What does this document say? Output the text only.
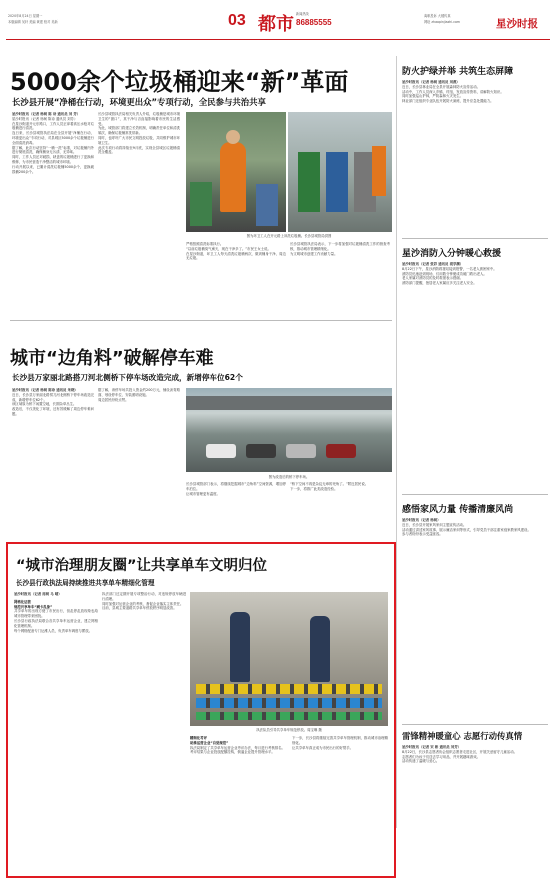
2020年8月24日 星期一
本版编辑 吴轩 美编 黄建 校对 吴新	03 都市 新闻热线
86885555
离职投诉 大楼传真
网址 zhaopinjiazhi.com	星沙时报
5000余个垃圾桶迎来“新”革面
长沙县开展“净桶在行动，环境更出众”专项行动，全民参与共治共享
星沙时报讯（记者 杨柯 陈 诗 通讯员 刘 芳）
星沙时报讯（记者 杨柯 陈诗 通讯员 刘芳）
在星沙街道开元东路口，工作人员正拿着高压水枪对垃圾桶进行清洗。
连日来，长沙县城管执法局在全县开展“净桶在行动，环境更出众”专项行动，对县城区5000余个垃圾桶进行全面清洗消毒。
据了解，此次行动坚持“一桶一洗”标准，对垃圾桶内外进行彻底清洗，确保桶身无污渍、无异味。
同时，工作人员还对破损、缺盖的垃圾桶进行了更换和维修，为市民营造干净整洁的城市环境。
行动开展以来，已累计清洗垃圾桶5000余个，更换破损桶200余个。
长沙县城管执法局相关负责人介绍，垃圾桶是城市环境卫生的“窗口”，其干净与否直接影响着市民的生活感受。
为此，城管部门将建立长效机制，明确责任单位和清洗频次，确保垃圾桶常洗常新。
同时，也呼吁广大市民文明投放垃圾，共同维护城市环境卫生。
此次专项行动将持续至9月底，实现全县城区垃圾桶清洗全覆盖。
图为环卫工人在开元路上冲洗垃圾桶。长沙县城管局供图
严格按照清洗标准执行。
“以前垃圾桶臭气熏天，现在干净多了。”市民王女士说。
在星沙街道，环卫工人每天清洗垃圾桶两次，做到桶身干净、周边无垃圾。
长沙县城管执法局表示，下一步将加强对垃圾桶清洗工作的督查考核，推动城市管理精细化。
为文明城市创建工作贡献力量。
防火护绿并举 共筑生态屏障
星沙时报讯（记者 杨柯 通讯员 刘燕）
近日，长沙县林业局在全县开展森林防火宣传活动。
活动中，工作人员深入乡镇、村组，发放宣传资料，讲解防火知识。
同时加强巡山护林，严防森林火灾发生。
林业部门还组织专业队伍开展防火演练，提升应急处置能力。
星沙消防入分钟暖心救援
星沙时报讯（记者 张彩 通讯员 胡学渊）
8月22日下午，星沙消防救援站接到报警，一名老人被困家中。
消防员迅速赶到现场，仅用数分钟便成功破门救出老人。
老人家属对消防员的及时救援表示感谢。
消防部门提醒，独居老人家属应多关注老人安全。
城市“边角料”破解停车难
长沙县万家丽北路搭刀河北侧桥下停车场改造完成，新增停车位62个
星沙时报讯（记者 杨柯 陈诗 通讯员 朱晓）
近日，长沙县万家丽北路捞刀河北侧桥下停车场改造完成，新增停车位62个。
该区域原为桥下闲置空地，长期杂草丛生。
改造后，不仅美化了环境，还有效缓解了周边停车难问题。
据了解，该停车场共投入资金约200万元，铺设沥青路面、划设停车位、安装照明设施。
周边居民纷纷点赞。
图为改造后的桥下停车场。
长沙县城管部门表示，将继续挖掘城市“边角料”空间资源，增加停车泊位。
让城市管理更有温度。
“桥下空间不再是杂乱无章的死角了。”附近居民说。
下一步，将推广此类改造经验。
感悟家风力量 传播清廉风尚
星沙时报讯（记者 杨柯）
近日，长沙县开展家风家训主题宣传活动。
活动通过讲述家风故事、展示廉洁家训等形式，引导党员干部注重家庭家教家风建设。
参与者纷纷表示受益匪浅。
雷锋精神暖童心 志愿行动传真情
星沙时报讯（记者 宋 彬 通讯员 刘芳）
8月22日，长沙县志愿者协会组织志愿者走进社区，开展关爱留守儿童活动。
志愿者们为孩子们送去学习用品，并开展趣味游戏。
活动传递了温暖与爱心。
“城市治理朋友圈”让共享单车文明归位
长沙县行政执法局持续推进共享单车精细化管理
星沙时报讯（记者 周柯 马 晴）
网格化运营
规范共享单车“刷卡乱象”
共享单车的出现方便了市民出行，但乱停乱放现象也给城市管理带来困扰。
长沙县行政执法局联合各共享单车运营企业，建立网格化管理机制。
每个网格配备专门运维人员，负责单车调度与摆放。
执法部门还定期开展专项整治行动，对违规停放车辆进行清理。
同时加强对运营企业的考核，督促企业落实主体责任。
目前，县城主要道路共享单车停放秩序明显改善。
执法队员引导共享单车规范停放。周宝琳 摄
精细化考评
助推运营企业“自觉规范”
执法局制定了共享单车运营企业考评办法，每月进行考核排名。
考评结果与企业投放配额挂钩，倒逼企业提升管理水平。
下一步，长沙县将继续完善共享单车管理机制，推动城市治理精细化。
让共享单车真正成为市民出行的好帮手。
